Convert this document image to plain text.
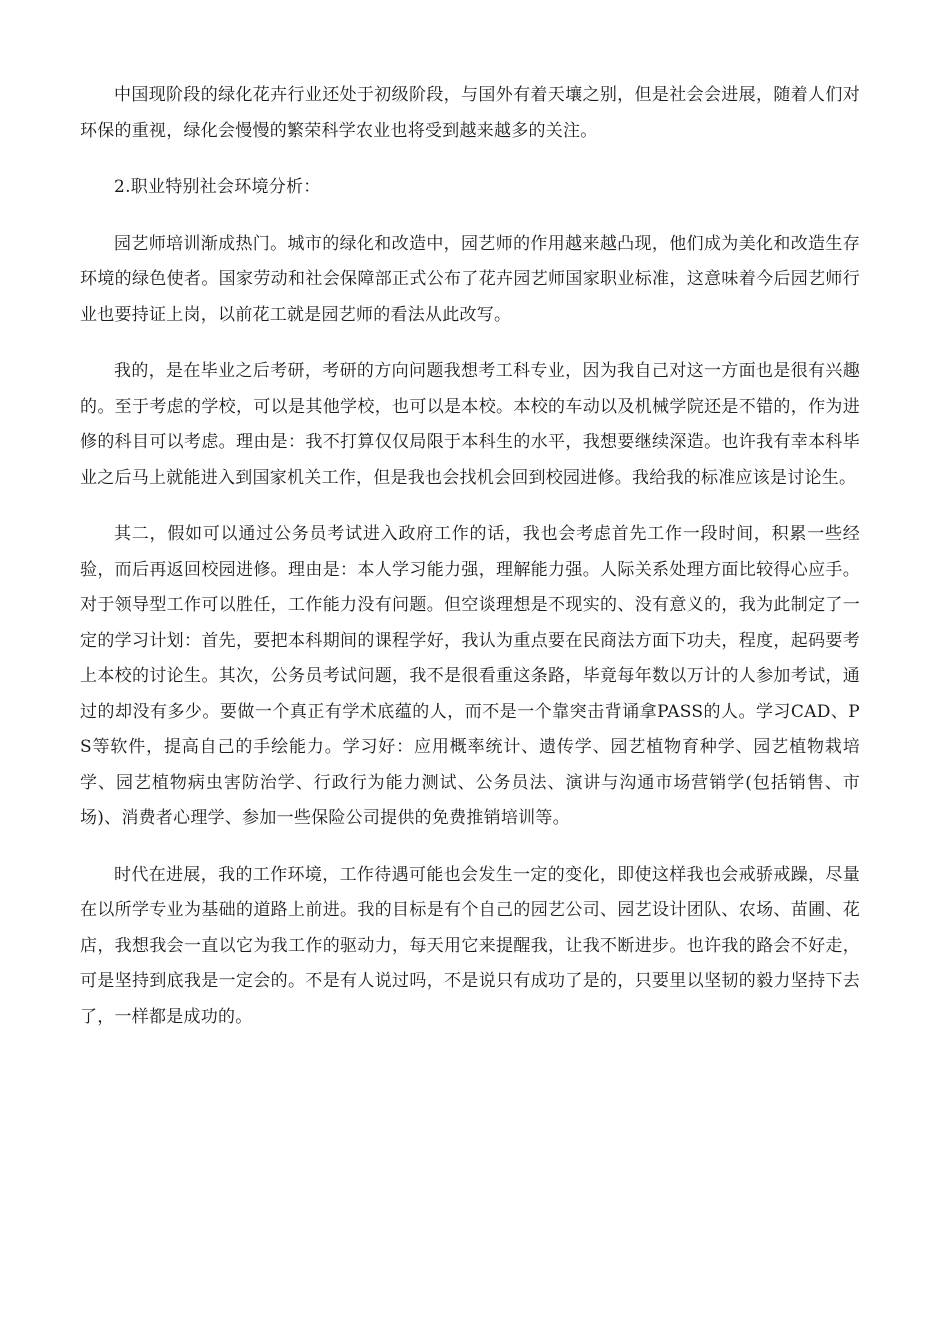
中国现阶段的绿化花卉行业还处于初级阶段，与国外有着天壤之别，但是社会会进展，随着人们对环保的重视，绿化会慢慢的繁荣科学农业也将受到越来越多的关注。

2.职业特别社会环境分析：

园艺师培训渐成热门。城市的绿化和改造中，园艺师的作用越来越凸现，他们成为美化和改造生存环境的绿色使者。国家劳动和社会保障部正式公布了花卉园艺师国家职业标准，这意味着今后园艺师行业也要持证上岗，以前花工就是园艺师的看法从此改写。

我的，是在毕业之后考研，考研的方向问题我想考工科专业，因为我自己对这一方面也是很有兴趣的。至于考虑的学校，可以是其他学校，也可以是本校。本校的车动以及机械学院还是不错的，作为进修的科目可以考虑。理由是：我不打算仅仅局限于本科生的水平，我想要继续深造。也许我有幸本科毕业之后马上就能进入到国家机关工作，但是我也会找机会回到校园进修。我给我的标准应该是讨论生。

其二，假如可以通过公务员考试进入政府工作的话，我也会考虑首先工作一段时间，积累一些经验，而后再返回校园进修。理由是：本人学习能力强，理解能力强。人际关系处理方面比较得心应手。对于领导型工作可以胜任，工作能力没有问题。但空谈理想是不现实的、没有意义的，我为此制定了一定的学习计划：首先，要把本科期间的课程学好，我认为重点要在民商法方面下功夫，程度，起码要考上本校的讨论生。其次，公务员考试问题，我不是很看重这条路，毕竟每年数以万计的人参加考试，通过的却没有多少。要做一个真正有学术底蕴的人，而不是一个靠突击背诵拿PASS的人。学习CAD、PS等软件，提高自己的手绘能力。学习好：应用概率统计、遗传学、园艺植物育种学、园艺植物栽培学、园艺植物病虫害防治学、行政行为能力测试、公务员法、演讲与沟通市场营销学(包括销售、市场)、消费者心理学、参加一些保险公司提供的免费推销培训等。

时代在进展，我的工作环境，工作待遇可能也会发生一定的变化，即使这样我也会戒骄戒躁，尽量在以所学专业为基础的道路上前进。我的目标是有个自己的园艺公司、园艺设计团队、农场、苗圃、花店，我想我会一直以它为我工作的驱动力，每天用它来提醒我，让我不断进步。也许我的路会不好走，可是坚持到底我是一定会的。不是有人说过吗，不是说只有成功了是的，只要里以坚韧的毅力坚持下去了，一样都是成功的。
